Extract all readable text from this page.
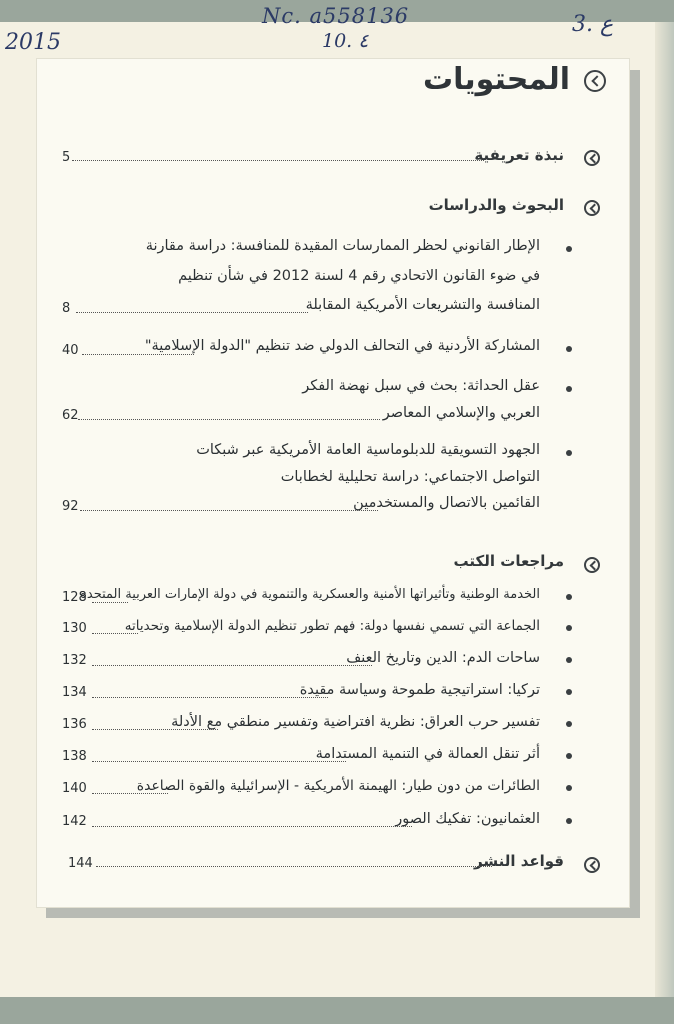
Nc. a558136
10. ٤
2015
3. ع
المحتويات
نبذة تعريفية
5
البحوث والدراسات
الإطار القانوني لحظر الممارسات المقيدة للمنافسة: دراسة مقارنة
في ضوء القانون الاتحادي رقم 4 لسنة 2012 في شأن تنظيم
المنافسة والتشريعات الأمريكية المقابلة
8
المشاركة الأردنية في التحالف الدولي ضد تنظيم "الدولة الإسلامية"
40
عقل الحداثة: بحث في سبل نهضة الفكر
العربي والإسلامي المعاصر
62
الجهود التسويقية للدبلوماسية العامة الأمريكية عبر شبكات
التواصل الاجتماعي: دراسة تحليلية لخطابات
القائمين بالاتصال والمستخدمين
92
مراجعات الكتب
الخدمة الوطنية وتأثيراتها الأمنية والعسكرية والتنموية في دولة الإمارات العربية المتحدة
128
الجماعة التي تسمي نفسها دولة: فهم تطور تنظيم الدولة الإسلامية وتحدياته
130
ساحات الدم: الدين وتاريخ العنف
132
تركيا: استراتيجية طموحة وسياسة مقيدة
134
تفسير حرب العراق: نظرية افتراضية وتفسير منطقي مع الأدلة
136
أثر تنقل العمالة في التنمية المستدامة
138
الطائرات من دون طيار: الهيمنة الأمريكية - الإسرائيلية والقوة الصاعدة
140
العثمانيون: تفكيك الصور
142
قواعد النشر
144
